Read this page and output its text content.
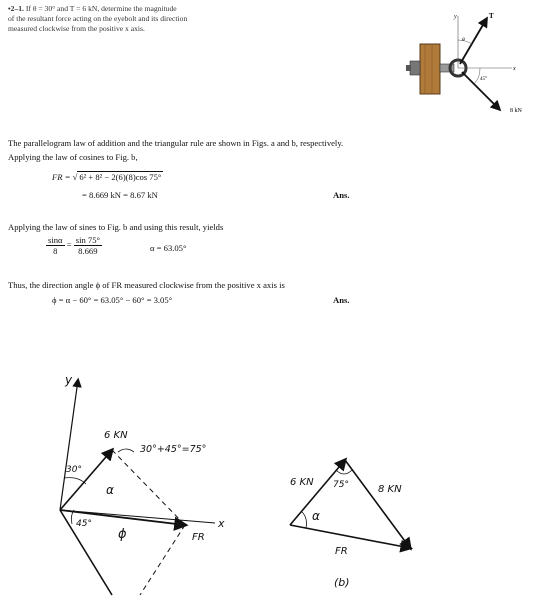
•2–1. If θ = 30° and T = 6 kN, determine the magnitude
of the resultant force acting on the eyebolt and its direction
measured clockwise from the positive x axis.
y
x
T
θ
45°
8 kN
The parallelogram law of addition and the triangular rule are shown in Figs. a and b, respectively.
Applying the law of cosines to Fig. b,
FR = √ 6² + 8² − 2(6)(8)cos 75°
= 8.669 kN = 8.67 kN	Ans.
Applying the law of sines to Fig. b and using this result, yields
$\frac{\sin\alpha}{8} = \frac{\sin 75^\circ}{8.669}$	α = 63.05°
Thus, the direction angle ϕ of FR measured clockwise from the positive x axis is
ϕ = α − 60° = 63.05° − 60° = 3.05°	Ans.
y
x
6 KN
30°+45°=75°
FR
30°
α
45°
ϕ
6 KN 75°	8 KN
α
FR
(b)
